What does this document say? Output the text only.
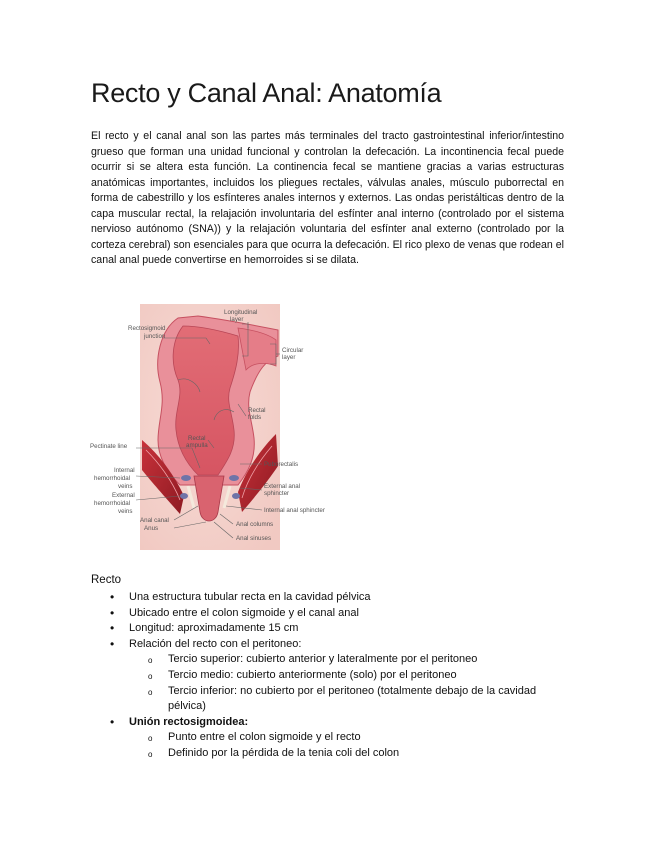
Recto y Canal Anal: Anatomía

El recto y el canal anal son las partes más terminales del tracto gastrointestinal inferior/intestino grueso que forman una unidad funcional y controlan la defecación. La incontinencia fecal puede ocurrir si se altera esta función. La continencia fecal se mantiene gracias a varias estructuras anatómicas importantes, incluidos los pliegues rectales, válvulas anales, músculo puborrectal en forma de cabestrillo y los esfínteres anales internos y externos. Las ondas peristálticas dentro de la capa muscular rectal, la relajación involuntaria del esfínter anal interno (controlado por el sistema nervioso autónomo (SNA)) y la relajación voluntaria del esfínter anal externo (controlado por la corteza cerebral) son esenciales para que ocurra la defecación. El rico plexo de venas que rodean el canal anal puede convertirse en hemorroides si se dilata.

Rectosigmoid
junction
Longitudinal
layer
Circular
layer
Rectal
folds
Rectal
ampulla
Pectinate line
Internal
hemorrhoidal
veins
External
hemorrhoidal
veins
Puborectalis
External anal
sphincter
Internal anal sphincter
Anal canal
Anus
Anal columns
Anal sinuses
Recto
• Una estructura tubular recta en la cavidad pélvica
• Ubicado entre el colon sigmoide y el canal anal
• Longitud: aproximadamente 15 cm
• Relación del recto con el peritoneo:
o Tercio superior: cubierto anterior y lateralmente por el peritoneo
o Tercio medio: cubierto anteriormente (solo) por el peritoneo
o Tercio inferior: no cubierto por el peritoneo (totalmente debajo de la cavidad pélvica)
• Unión rectosigmoidea:
o Punto entre el colon sigmoide y el recto
o Definido por la pérdida de la tenia coli del colon
